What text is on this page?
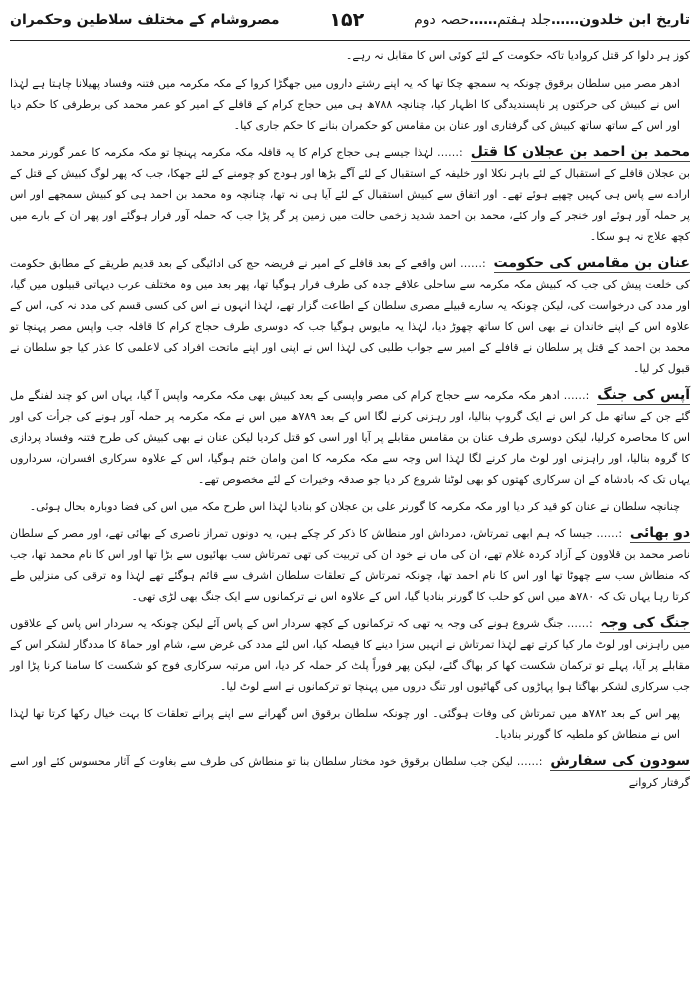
تاریخ ابن خلدون……جلد ہفتم……حصہ دوم
۱۵۲
مصروشام کے مختلف سلاطین وحکمران

کوز ہر دلوا کر قتل کروادیا تاکہ حکومت کے لئے کوئی اس کا مقابل نہ رہے۔

ادھر مصر میں سلطان برقوق چونکہ یہ سمجھ چکا تھا کہ یہ اپنے رشتے داروں میں جھگڑا کروا کے مکہ مکرمہ میں فتنہ وفساد پھیلانا چاہتا ہے لہٰذا اس نے کبیش کی حرکتوں پر ناپسندیدگی کا اظہار کیا، چنانچہ ۷۸۸ھ ہی میں حجاج کرام کے قافلے کے امیر کو عمر محمد کی برطرفی کا حکم دیا اور اس کے ساتھ ساتھ کبیش کی گرفتاری اور عنان بن مقامس کو حکمران بنانے کا حکم جاری کیا۔

محمد بن احمد بن عجلان کا قتل :…… لہٰذا جیسے ہی حجاج کرام کا یہ قافلہ مکہ مکرمہ پہنچا تو مکہ مکرمہ کا عمر گورنر محمد بن عجلان قافلے کے استقبال کے لئے باہر نکلا اور خلیفہ کے استقبال کے لئے آگے بڑھا اور ہودج کو چومنے کے لئے جھکا، جب کہ پھر لوگ کبیش کے قتل کے ارادے سے پاس ہی کہیں چھپے ہوئے تھے۔ اور اتفاق سے کبیش استقبال کے لئے آیا ہی نہ تھا، چنانچہ وہ محمد بن احمد ہی کو کبیش سمجھے اور اس پر حملہ آور ہوئے اور خنجر کے وار کئے، محمد بن احمد شدید زخمی حالت میں زمین پر گر پڑا جب کہ حملہ آور فرار ہوگئے اور پھر ان کے بارے میں کچھ علاج نہ ہو سکا۔

عنان بن مقامس کی حکومت :…… اس واقعے کے بعد قافلے کے امیر نے فریضہ حج کی ادائیگی کے بعد قدیم طریقے کے مطابق حکومت کی خلعت پیش کی جب کہ کبیش مکہ مکرمہ سے ساحلی علاقے جدہ کی طرف فرار ہوگیا تھا، پھر بعد میں وہ مختلف عرب دیہاتی قبیلوں میں گیا، اور مدد کی درخواست کی، لیکن چونکہ یہ سارے قبیلے مصری سلطان کے اطاعت گزار تھے، لہٰذا انہوں نے اس کی کسی قسم کی مدد نہ کی، اس کے علاوہ اس کے اپنے خاندان نے بھی اس کا ساتھ چھوڑ دیا، لہٰذا یہ مایوس ہوگیا جب کہ دوسری طرف حجاج کرام کا قافلہ جب واپس مصر پہنچا تو محمد بن احمد کے قتل پر سلطان نے قافلے کے امیر سے جواب طلبی کی لہٰذا اس نے اپنی اور اپنے ماتحت افراد کی لاعلمی کا عذر کیا جو سلطان نے قبول کر لیا۔

آپس کی جنگ :…… ادھر مکہ مکرمہ سے حجاج کرام کی مصر واپسی کے بعد کبیش بھی مکہ مکرمہ واپس آ گیا، یہاں اس کو چند لفنگے مل گئے جن کے ساتھ مل کر اس نے ایک گروپ بنالیا، اور رہزنی کرنے لگا اس کے بعد ۷۸۹ھ میں اس نے مکہ مکرمہ پر حملہ آور ہونے کی جرأت کی اور اس کا محاصرہ کرلیا، لیکن دوسری طرف عنان بن مقامس مقابلے پر آیا اور اسی کو قتل کردیا لیکن عنان نے بھی کبیش کی طرح فتنہ وفساد پردازی کا گروہ بنالیا، اور راہزنی اور لوٹ مار کرنے لگا لہٰذا اس وجہ سے مکہ مکرمہ کا امن وامان ختم ہوگیا، اس کے علاوہ سرکاری افسران، سرداروں یہاں تک کہ بادشاہ کے ان سرکاری کھتوں کو بھی لوٹنا شروع کر دیا جو صدقہ وخیرات کے لئے مخصوص تھے۔

چنانچہ سلطان نے عنان کو قید کر دیا اور مکہ مکرمہ کا گورنر علی بن عجلان کو بنادیا لہٰذا اس طرح مکہ میں اس کی فضا دوبارہ بحال ہوئی۔

دو بھائی :…… جیسا کہ ہم ابھی تمرتاش، دمرداش اور منطاش کا ذکر کر چکے ہیں، یہ دونوں تمراز ناصری کے بھائی تھے، اور مصر کے سلطان ناصر محمد بن قلاوون کے آزاد کردہ غلام تھے، ان کی ماں نے خود ان کی تربیت کی تھی تمرتاش سب بھائیوں سے بڑا تھا اور اس کا نام محمد تھا، جب کہ منطاش سب سے چھوٹا تھا اور اس کا نام احمد تھا، چونکہ تمرتاش کے تعلقات سلطان اشرف سے قائم ہوگئے تھے لہٰذا وہ ترقی کی منزلیں طے کرتا رہا یہاں تک کہ ۷۸۰ھ میں اس کو حلب کا گورنر بنادیا گیا، اس کے علاوہ اس نے ترکمانوں سے ایک جنگ بھی لڑی تھی۔

جنگ کی وجہ :…… جنگ شروع ہونے کی وجہ یہ تھی کہ ترکمانوں کے کچھ سردار اس کے پاس آئے لیکن چونکہ یہ سردار اس پاس کے علاقوں میں راہزنی اور لوٹ مار کیا کرتے تھے لہٰذا تمرتاش نے انہیں سزا دینے کا فیصلہ کیا، اس لئے مدد کی غرض سے، شام اور حماۃ کا مددگار لشکر اس کے مقابلے پر آیا، پہلے تو ترکمان شکست کھا کر بھاگ گئے، لیکن پھر فوراً پلٹ کر حملہ کر دیا، اس مرتبہ سرکاری فوج کو شکست کا سامنا کرنا پڑا اور جب سرکاری لشکر بھاگتا ہوا پہاڑوں کی گھاٹیوں اور تنگ دروں میں پہنچا تو ترکمانوں نے اسے لوٹ لیا۔

پھر اس کے بعد ۷۸۲ھ میں تمرتاش کی وفات ہوگئی۔ اور چونکہ سلطان برقوق اس گھرانے سے اپنے پرانے تعلقات کا بہت خیال رکھا کرتا تھا لہٰذا اس نے منطاش کو ملطیہ کا گورنر بنادیا۔

سودون کی سفارش :…… لیکن جب سلطان برقوق خود مختار سلطان بنا تو منطاش کی طرف سے بغاوت کے آثار محسوس کئے اور اسے گرفتار کروانے
